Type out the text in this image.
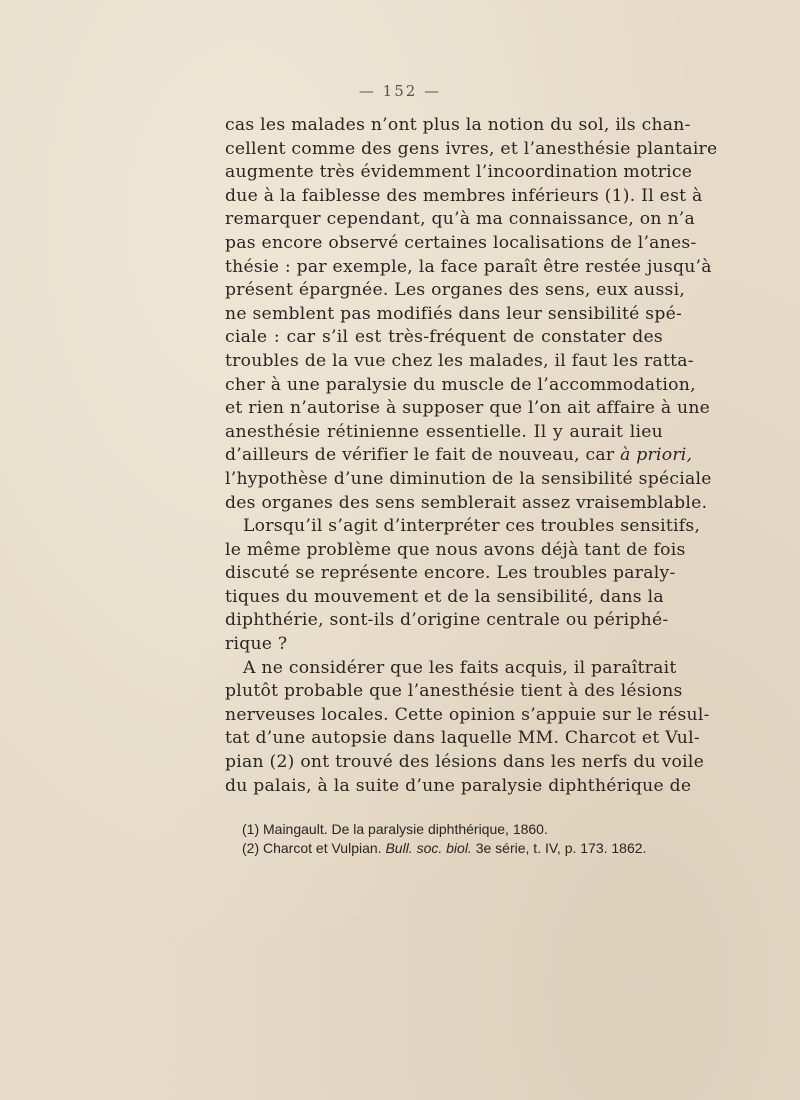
— 152 —
cas les malades n’ont plus la notion du sol, ils chan-
cellent comme des gens ivres, et l’anesthésie plantaire
augmente très évidemment l’incoordination motrice
due à la faiblesse des membres inférieurs (1). Il est à
remarquer cependant, qu’à ma connaissance, on n’a
pas encore observé certaines localisations de l’anes-
thésie : par exemple, la face paraît être restée jusqu’à
présent épargnée. Les organes des sens, eux aussi,
ne semblent pas modifiés dans leur sensibilité spé-
ciale : car s’il est très-fréquent de constater des
troubles de la vue chez les malades, il faut les ratta-
cher à une paralysie du muscle de l’accommodation,
et rien n’autorise à supposer que l’on ait affaire à une
anesthésie rétinienne essentielle. Il y aurait lieu
d’ailleurs de vérifier le fait de nouveau, car à priori,
l’hypothèse d’une diminution de la sensibilité spéciale
des organes des sens semblerait assez vraisemblable.
Lorsqu’il s’agit d’interpréter ces troubles sensitifs,
le même problème que nous avons déjà tant de fois
discuté se représente encore. Les troubles paraly-
tiques du mouvement et de la sensibilité, dans la
diphthérie, sont-ils d’origine centrale ou périphé-
rique ?
A ne considérer que les faits acquis, il paraîtrait
plutôt probable que l’anesthésie tient à des lésions
nerveuses locales. Cette opinion s’appuie sur le résul-
tat d’une autopsie dans laquelle MM. Charcot et Vul-
pian (2) ont trouvé des lésions dans les nerfs du voile
du palais, à la suite d’une paralysie diphthérique de
(1) Maingault. De la paralysie diphthérique, 1860.
(2) Charcot et Vulpian. Bull. soc. biol. 3e série, t. IV, p. 173. 1862.
